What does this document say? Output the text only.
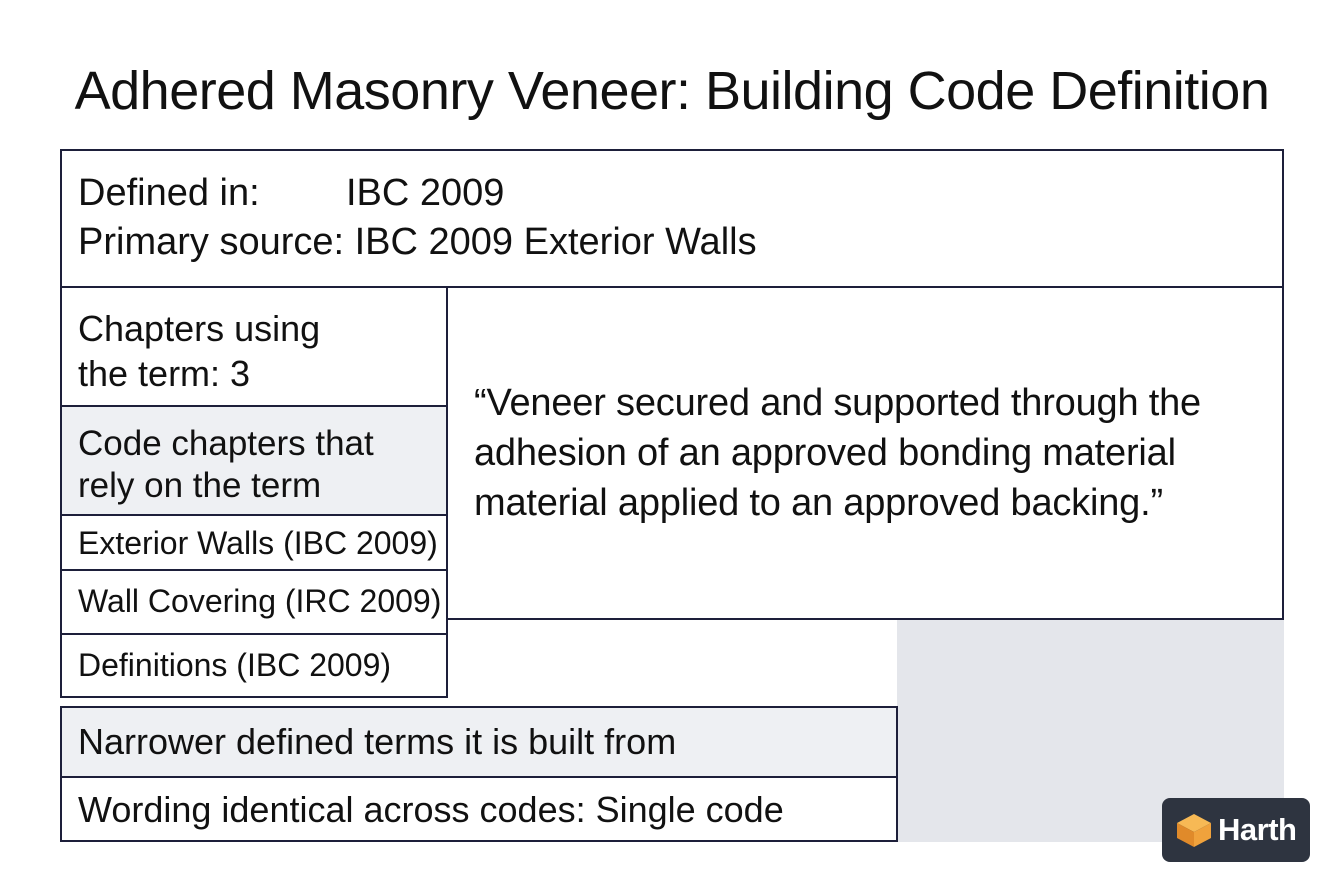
Adhered Masonry Veneer: Building Code Definition
Defined in: IBC 2009
Primary source: IBC 2009 Exterior Walls
“Veneer secured and supported through the
adhesion of an approved bonding material
material applied to an approved backing.”
Chapters using
the term: 3
Code chapters that
rely on the term
Exterior Walls (IBC 2009)
Wall Covering (IRC 2009)
Definitions (IBC 2009)
Narrower defined terms it is built from
Wording identical across codes: Single code	Harth
